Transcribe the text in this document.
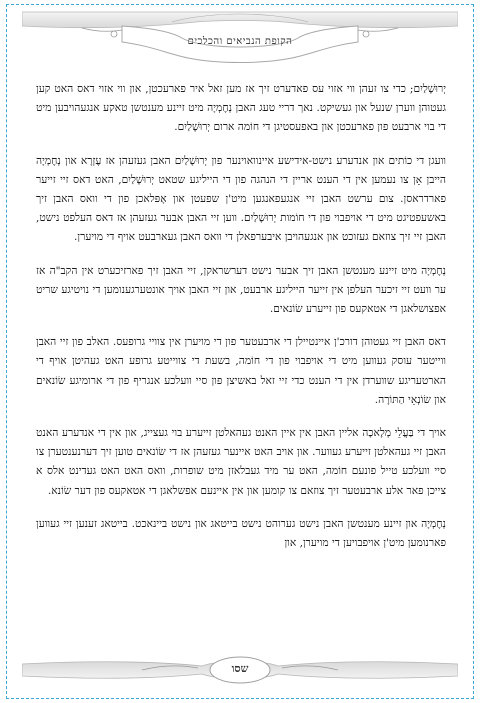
הקופת הנביאים והכלכים

יְרוּשָׁלַיִם; כדי צו זעהן ווי אזוי עס פאדערט זיך אז מען זאל איר פארעכטן, און ווי אזוי דאס האט קען געטוהן ווערן שנעל און געשיקט. נאך דריי טעג האבן נְחֶמְיָה מיט זיינע מענטשן טאקע אנגעהויבען מיט די בוי ארבעט פון פארעכטן און באפעסטיגן די חוֹמה ארום יְרוּשָׁלַיִם.

וועגן די כוֹתים און אנדערע נישט-אידישע איינוואוינער פון יְרוּשָׁלַיִם האבן געזעהן אז עֶזְרָא און נְחֶמְיָה הייבן אָן צו נעמען אין די הענט אריין די הנהגה פון די הייליגע שטאט יְרוּשָׁלַיִם, האט דאס זיי זייער פארדראסן. צום ערשט האבן זיי אנגעפאנגען מיט'ן שפעטן און אָפּלאכן פון די וואס האבן זיך באשעפטיגט מיט די אויפבוי פון די חוֹמות יְרוּשָׁלַיִם. ווען זיי האבן אבער געזעהן אז דאס העלפט נישט, האבן זיי זיך צוזאם געזוכט און אנגעהויבן איבערפאלן די וואס האבן געארבעט אויף די מויערן.

נְחֶמְיָה מיט זיינע מענטשן האבן זיך אבער נישט דערשראקן, זיי האבן זיך פארזיכערט אין הקב"ה אז ער וועט זיי זיכער העלפן אין זייער הייליגע ארבעט, און זיי האבן אויך אונטערגענומען די נויטיגע שריט אפצושלאגן די אטאקעס פון זייערע שׂוֹנאים.

דאס האבן זיי געטוהן דורכ'ן איינטיילן די ארבעטער פון די מויערן אין צוויי גרופעס. האלב פון זיי האבן ווייטער עוסק געווען מיט די אויפבוי פון די חוֹמה, בשעת די צווייטע גרופע האט געהיטן אויף די הארטעריגע שווערדן אין די הענט כדי זיי זאל באשיצן פון סיי וועלכע אנגריף פון די ארומיגע שׂוֹנאים און שׂוֹנְאֵי הַתּוֹרָה.

אויך די בַּעֲלֵי מְלָאכָה אליין האבן אין איין האנט געהאלטן זייערע בוי געצייג, און אין די אנדערע האנט האבן זיי געהאלטן זייערע געווער. און אויב האט איינער געזעהן אז די שׂוֹנאים טוען זיך דערנענטערן צו סיי וועלכע טייל פונעם חוֹמה, האט ער מיד געבלאזן מיט שופרות, וואס האט האט געדינט אלס א צייכן פאר אלע ארבעטער זיך צוזאם צו קומען און אין איינעם אפשלאגן די אטאקעס פון דער שׂוֹנא.

נְחֶמְיָה און זיינע מענטשן האבן נישט גערוהט נישט בייטאג און נישט ביינאכט. בייטאג זענען זיי געווען פארנומען מיט'ן אויפבויען די מויערן, און

שסו
